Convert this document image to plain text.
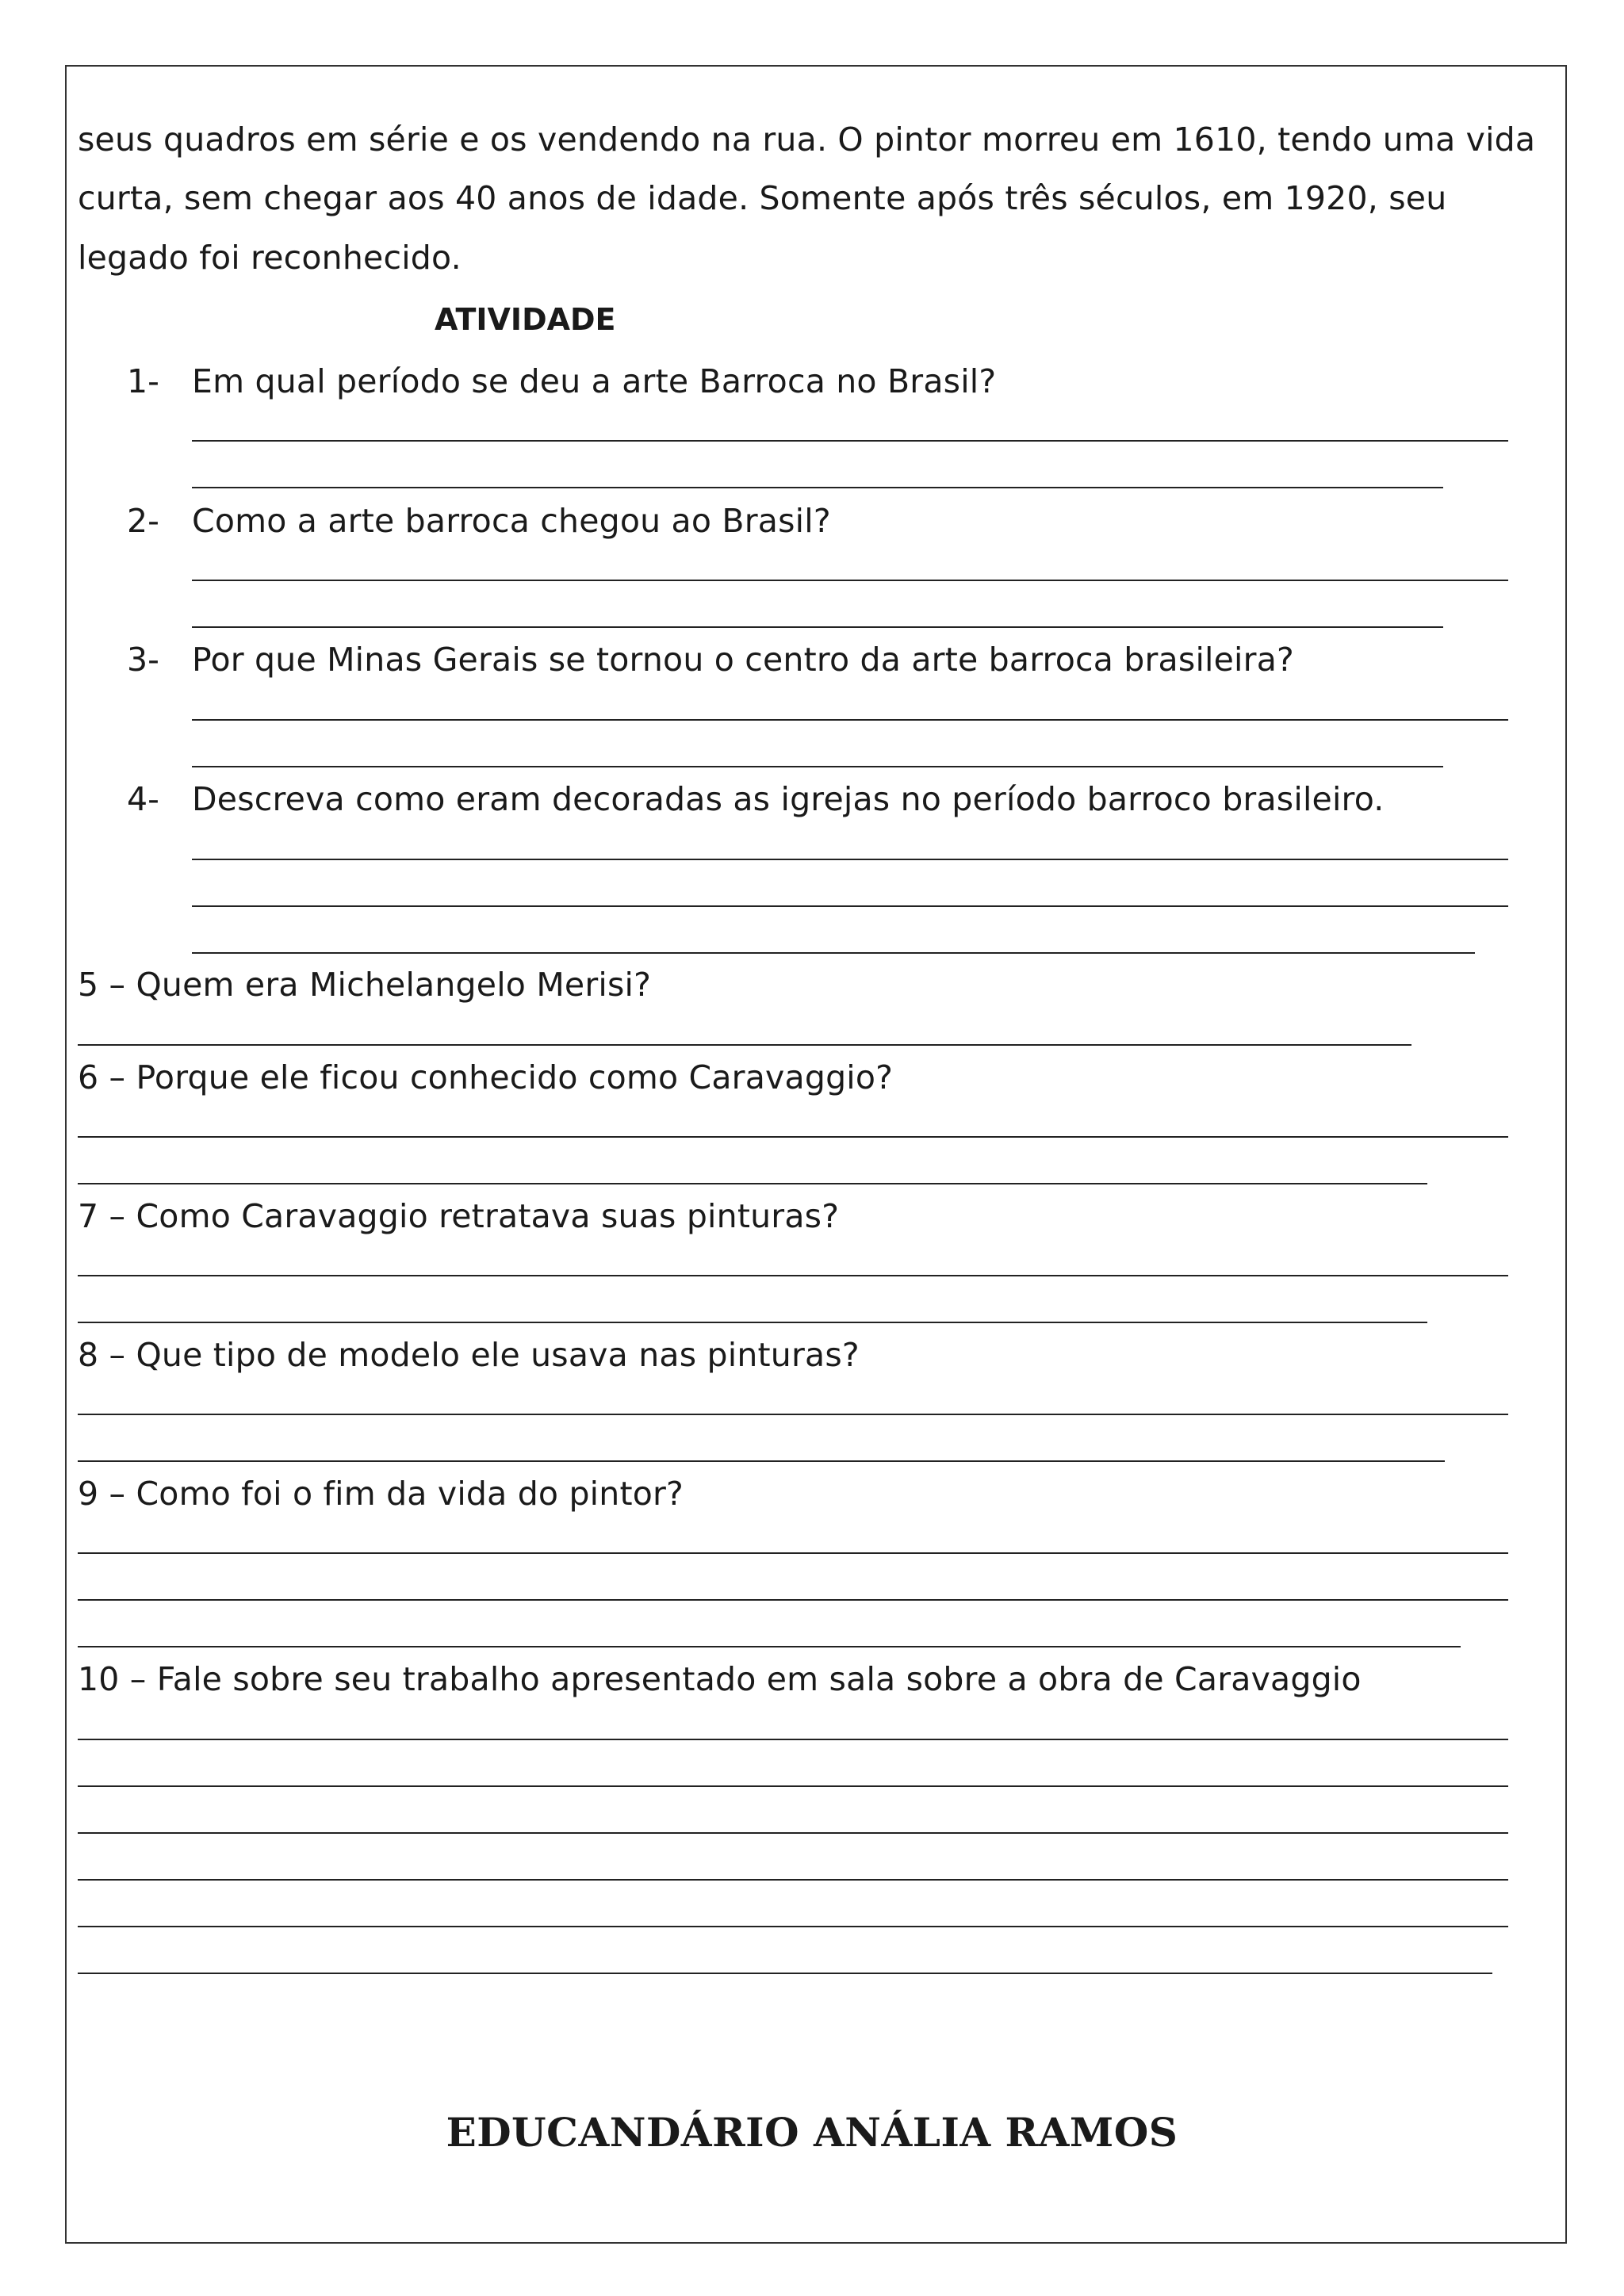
seus quadros em série e os vendendo na rua. O pintor morreu em 1610, tendo uma vida
curta, sem chegar aos 40 anos de idade. Somente após três séculos, em 1920, seu
legado foi reconhecido.
ATIVIDADE
1- Em qual período se deu a arte Barroca no Brasil?
2- Como a arte barroca chegou ao Brasil?
3- Por que Minas Gerais se tornou o centro da arte barroca brasileira?
4- Descreva como eram decoradas as igrejas no período barroco brasileiro.
5 – Quem era Michelangelo Merisi?
6 – Porque ele ficou conhecido como Caravaggio?
7 – Como Caravaggio retratava suas pinturas?
8 – Que tipo de modelo ele usava nas pinturas?
9 – Como foi o fim da vida do pintor?
10 – Fale sobre seu trabalho apresentado em sala sobre a obra de Caravaggio
EDUCANDÁRIO ANÁLIA RAMOS
